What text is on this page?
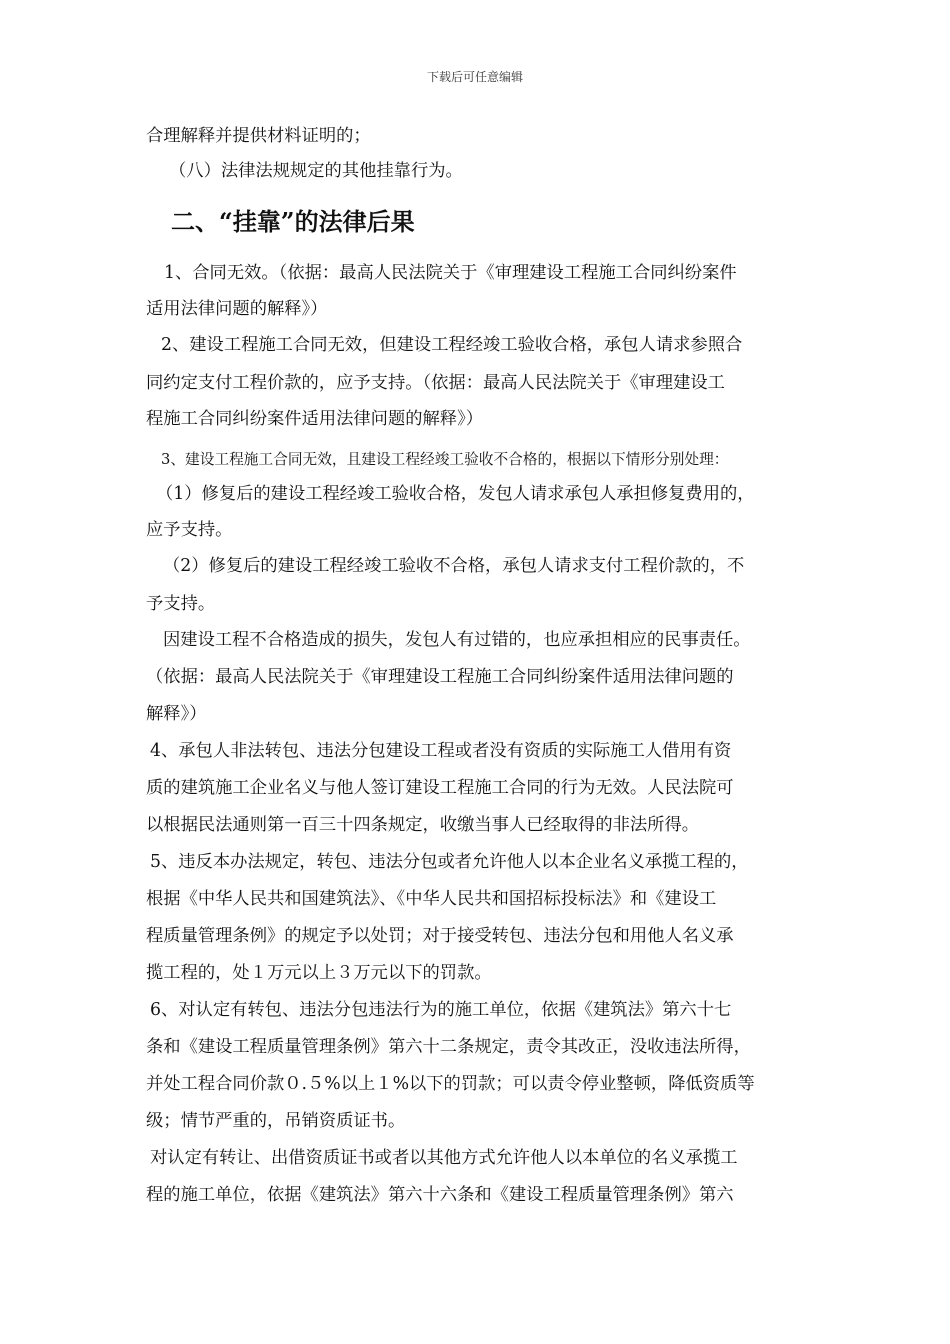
下载后可任意编辑
合理解释并提供材料证明的；
（八）法律法规规定的其他挂靠行为。
二、“挂靠”的法律后果
1、合同无效。（依据：最高人民法院关于《审理建设工程施工合同纠纷案件
适用法律问题的解释》）
2、建设工程施工合同无效，但建设工程经竣工验收合格，承包人请求参照合
同约定支付工程价款的，应予支持。（依据：最高人民法院关于《审理建设工
程施工合同纠纷案件适用法律问题的解释》）
3、建设工程施工合同无效，且建设工程经竣工验收不合格的，根据以下情形分别处理：
（1）修复后的建设工程经竣工验收合格，发包人请求承包人承担修复费用的，
应予支持。
（2）修复后的建设工程经竣工验收不合格，承包人请求支付工程价款的，不
予支持。
因建设工程不合格造成的损失，发包人有过错的，也应承担相应的民事责任。
（依据：最高人民法院关于《审理建设工程施工合同纠纷案件适用法律问题的
解释》）
4、承包人非法转包、违法分包建设工程或者没有资质的实际施工人借用有资
质的建筑施工企业名义与他人签订建设工程施工合同的行为无效。人民法院可
以根据民法通则第一百三十四条规定，收缴当事人已经取得的非法所得。
5、违反本办法规定，转包、违法分包或者允许他人以本企业名义承揽工程的，
根据《中华人民共和国建筑法》、《中华人民共和国招标投标法》和《建设工
程质量管理条例》的规定予以处罚；对于接受转包、违法分包和用他人名义承
揽工程的，处１万元以上３万元以下的罚款。
6、对认定有转包、违法分包违法行为的施工单位，依据《建筑法》第六十七
条和《建设工程质量管理条例》第六十二条规定，责令其改正，没收违法所得，
并处工程合同价款０.５%以上１%以下的罚款；可以责令停业整顿，降低资质等
级；情节严重的，吊销资质证书。
对认定有转让、出借资质证书或者以其他方式允许他人以本单位的名义承揽工
程的施工单位，依据《建筑法》第六十六条和《建设工程质量管理条例》第六
